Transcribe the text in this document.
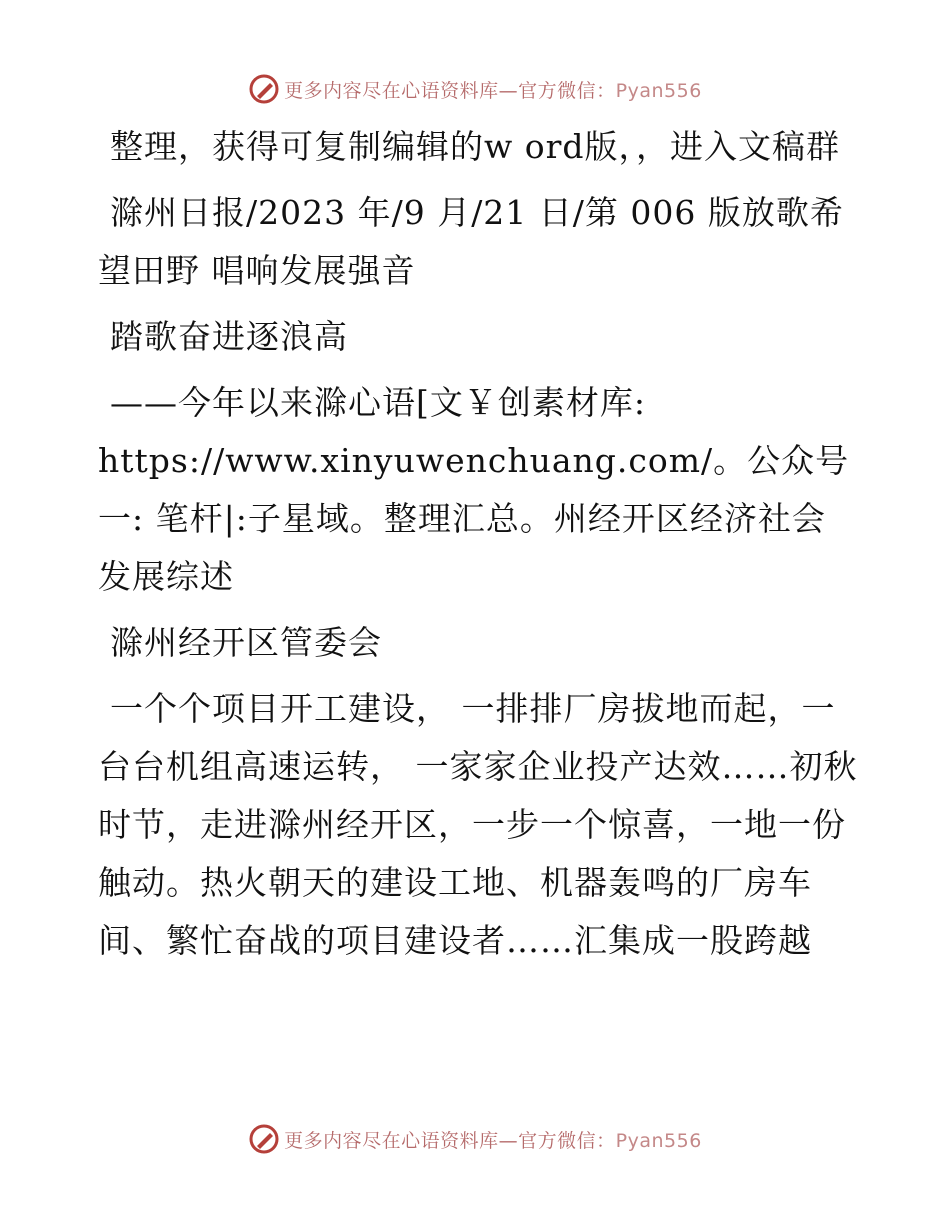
更多内容尽在心语资料库—官方微信：Pyan556

整理，获得可复制编辑的w ord版，，进入文稿群

滁州日报/2023 年/9 月/21 日/第 006 版放歌希望田野 唱响发展强音

踏歌奋进逐浪高

——今年以来滁心语[文￥创素材库: https://www.xinyuwenchuang.com/。公众号一: 笔杆|:子星域。整理汇总。州经开区经济社会发展综述

滁州经开区管委会

一个个项目开工建设， 一排排厂房拔地而起，一台台机组高速运转， 一家家企业投产达效……初秋时节，走进滁州经开区，一步一个惊喜，一地一份触动。热火朝天的建设工地、机器轰鸣的厂房车间、繁忙奋战的项目建设者……汇集成一股跨越

更多内容尽在心语资料库—官方微信：Pyan556
